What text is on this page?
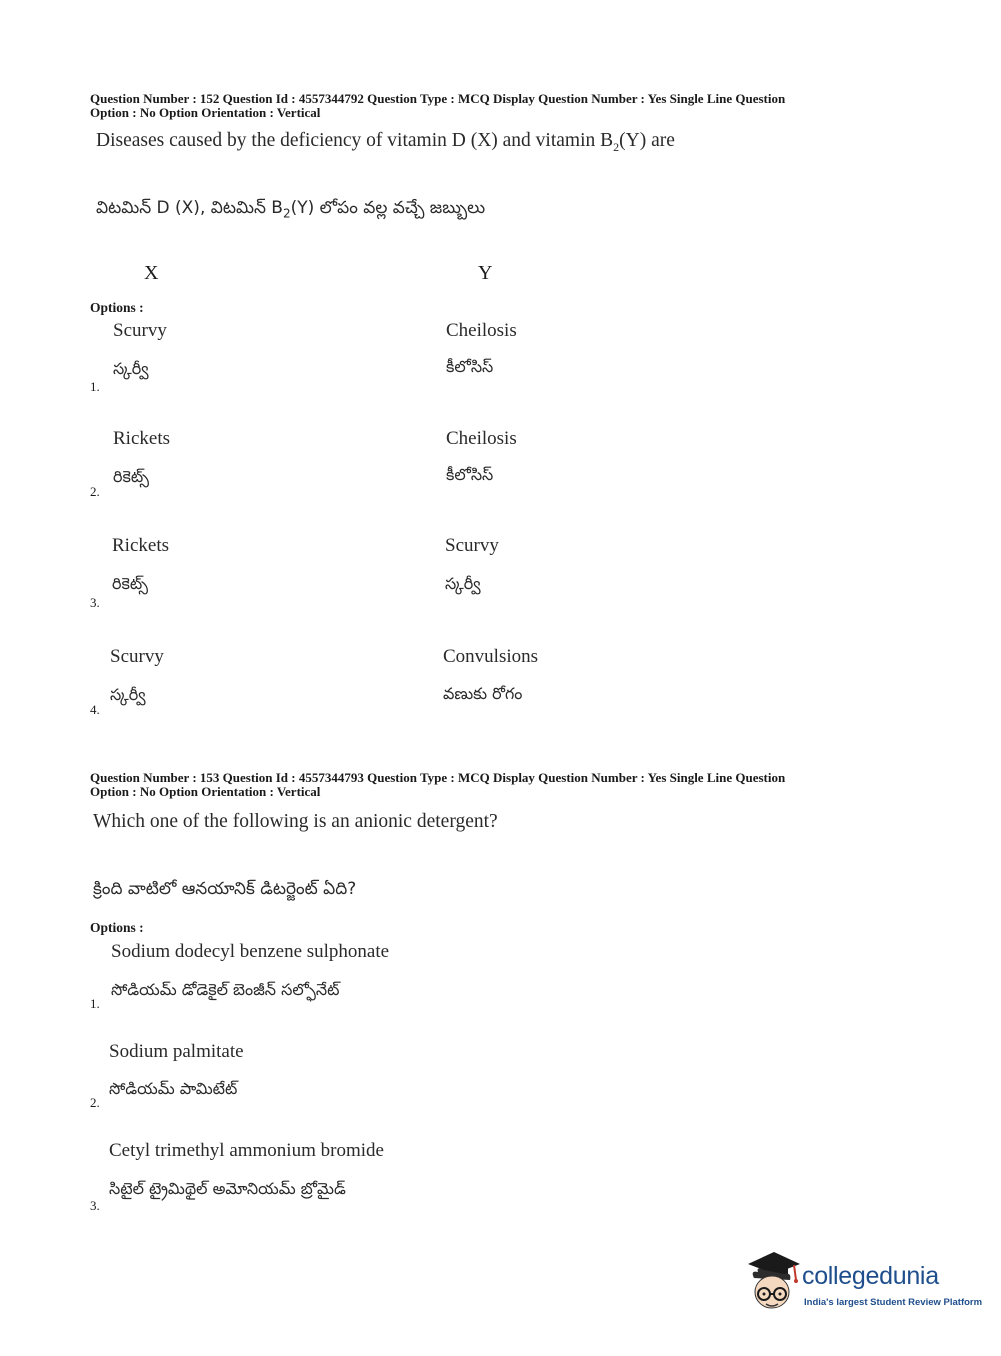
Question Number : 152 Question Id : 4557344792 Question Type : MCQ Display Question Number : Yes Single Line Question
Option : No Option Orientation : Vertical
Diseases caused by the deficiency of vitamin D (X) and vitamin $B_2(Y)$ are
విటమిన్ D (X), విటమిన్ $B_2(Y)$ లోపం వల్ల వచ్చే జబ్బులు
X	Y
Options :
Scurvy	Cheilosis
స్కర్వీ	కీలోసిస్
1.
Rickets	Cheilosis
రికెట్స్	కీలోసిస్
2.
Rickets	Scurvy
రికెట్స్	స్కర్వీ
3.
Scurvy	Convulsions
స్కర్వీ	వణుకు రోగం
4.
Question Number : 153 Question Id : 4557344793 Question Type : MCQ Display Question Number : Yes Single Line Question
Option : No Option Orientation : Vertical
Which one of the following is an anionic detergent?
క్రింది వాటిలో ఆనయానిక్ డిటర్జెంట్ ఏది?
Options :
Sodium dodecyl benzene sulphonate
సోడియమ్ డోడెకైల్ బెంజీన్ సల్ఫోనేట్
1.
Sodium palmitate
సోడియమ్ పామిటేట్
2.
Cetyl trimethyl ammonium bromide
సిటైల్ ట్రైమిథైల్ అమోనియమ్ బ్రోమైడ్
3.
collegedunia
India's largest Student Review Platform
